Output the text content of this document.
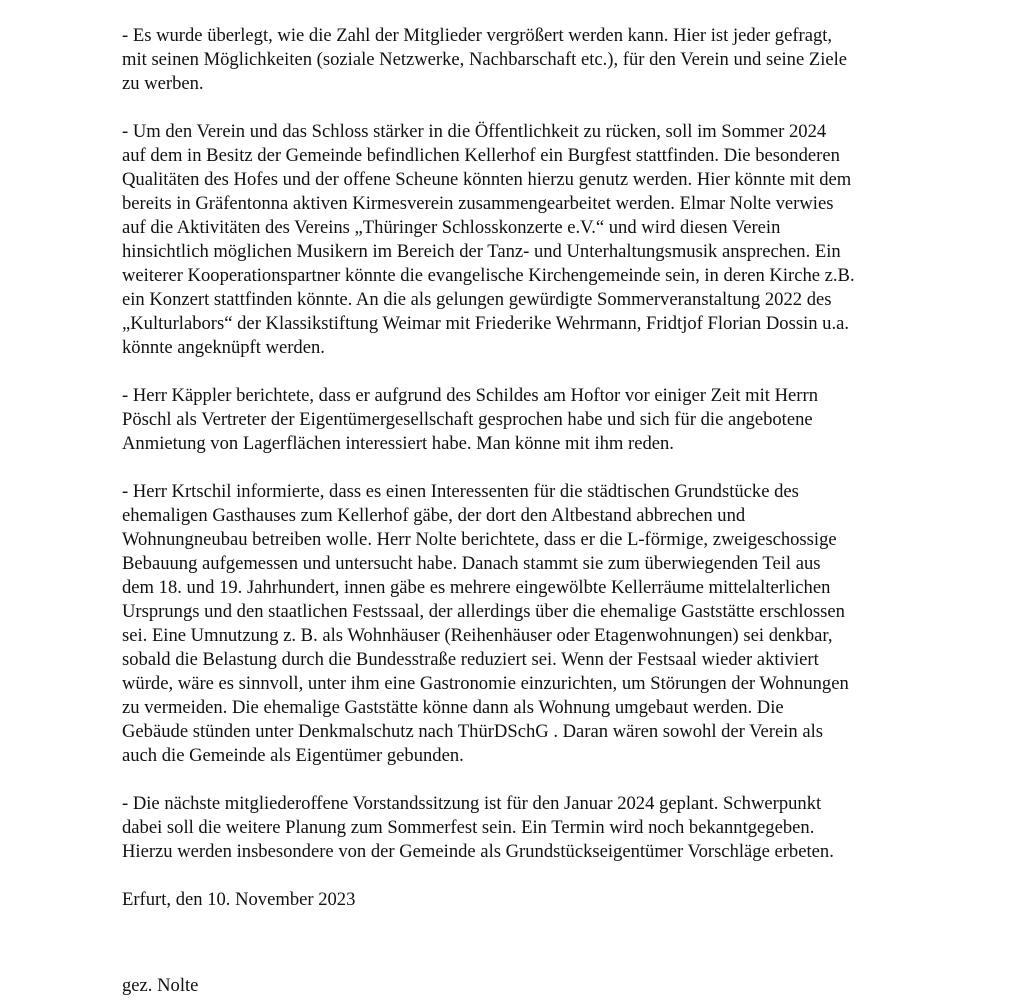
- Es wurde überlegt, wie die Zahl der Mitglieder vergrößert werden kann. Hier ist jeder gefragt,
mit seinen Möglichkeiten (soziale Netzwerke, Nachbarschaft etc.), für den Verein und seine Ziele
zu werben.

- Um den Verein und das Schloss stärker in die Öffentlichkeit zu rücken, soll im Sommer 2024
auf dem in Besitz der Gemeinde befindlichen Kellerhof ein Burgfest stattfinden. Die besonderen
Qualitäten des Hofes und der offene Scheune könnten hierzu genutz werden. Hier könnte mit dem
bereits in Gräfentonna aktiven Kirmesverein zusammengearbeitet werden. Elmar Nolte verwies
auf die Aktivitäten des Vereins „Thüringer Schlosskonzerte e.V.“ und wird diesen Verein
hinsichtlich möglichen Musikern im Bereich der Tanz- und Unterhaltungsmusik ansprechen. Ein
weiterer Kooperationspartner könnte die evangelische Kirchengemeinde sein, in deren Kirche z.B.
ein Konzert stattfinden könnte. An die als gelungen gewürdigte Sommerveranstaltung 2022 des
„Kulturlabors“ der Klassikstiftung Weimar mit Friederike Wehrmann, Fridtjof Florian Dossin u.a.
könnte angeknüpft werden.

- Herr Käppler berichtete, dass er aufgrund des Schildes am Hoftor vor einiger Zeit mit Herrn
Pöschl als Vertreter der Eigentümergesellschaft gesprochen habe und sich für die angebotene
Anmietung von Lagerflächen interessiert habe. Man könne mit ihm reden.

- Herr Krtschil informierte, dass es einen Interessenten für die städtischen Grundstücke des
ehemaligen Gasthauses zum Kellerhof gäbe, der dort den Altbestand abbrechen und
Wohnungneubau betreiben wolle. Herr Nolte berichtete, dass er die L-förmige, zweigeschossige
Bebauung aufgemessen und untersucht habe. Danach stammt sie zum überwiegenden Teil aus
dem 18. und 19. Jahrhundert, innen gäbe es mehrere eingewölbte Kellerräume mittelalterlichen
Ursprungs und den staatlichen Festssaal, der allerdings über die ehemalige Gaststätte erschlossen
sei. Eine Umnutzung z. B. als Wohnhäuser (Reihenhäuser oder Etagenwohnungen) sei denkbar,
sobald die Belastung durch die Bundesstraße reduziert sei. Wenn der Festsaal wieder aktiviert
würde, wäre es sinnvoll, unter ihm eine Gastronomie einzurichten, um Störungen der Wohnungen
zu vermeiden. Die ehemalige Gaststätte könne dann als Wohnung umgebaut werden. Die
Gebäude stünden unter Denkmalschutz nach ThürDSchG . Daran wären sowohl der Verein als
auch die Gemeinde als Eigentümer gebunden.

- Die nächste mitgliederoffene Vorstandssitzung ist für den Januar 2024 geplant. Schwerpunkt
dabei soll die weitere Planung zum Sommerfest sein. Ein Termin wird noch bekanntgegeben.
Hierzu werden insbesondere von der Gemeinde als Grundstückseigentümer Vorschläge erbeten.

Erfurt, den 10. November 2023

gez. Nolte
